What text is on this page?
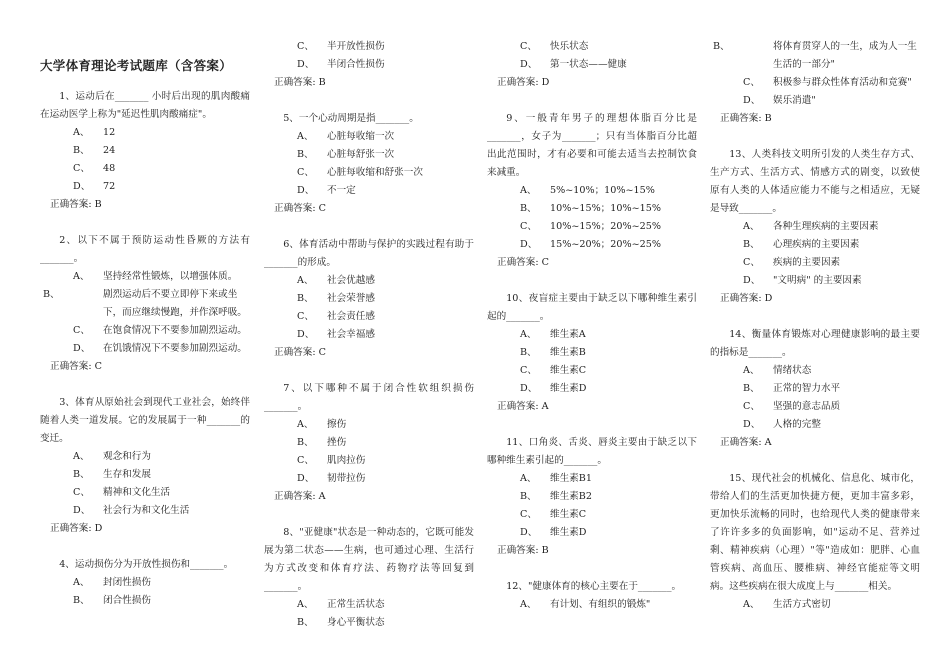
大学体育理论考试题库（含答案）
1、运动后在_______ 小时后出现的肌肉酸痛在运动医学上称为"延迟性肌肉酸痛症"。
A、 12
B、 24
C、 48
D、 72
正确答案: B
2、以下不属于预防运动性昏厥的方法有_______。
A、 坚持经常性锻炼，以增强体质。
B、	剧烈运动后不要立即停下来或坐下，而应继续慢跑，并作深呼吸。
C、 在饱食情况下不要参加剧烈运动。
D、 在饥饿情况下不要参加剧烈运动。
正确答案: C
3、体育从原始社会到现代工业社会，始终伴随着人类一道发展。它的发展属于一种_______的变迁。
A、 观念和行为
B、 生存和发展
C、 精神和文化生活
D、 社会行为和文化生活
正确答案: D
4、运动损伤分为开放性损伤和_______。
A、 封闭性损伤
B、 闭合性损伤
C、 半开放性损伤
D、 半闭合性损伤
正确答案: B
5、一个心动周期是指_______。
A、 心脏每收缩一次
B、 心脏每舒张一次
C、 心脏每收缩和舒张一次
D、 不一定
正确答案: C
6、体育活动中帮助与保护的实践过程有助于_______的形成。
A、 社会优越感
B、 社会荣誉感
C、 社会责任感
D、 社会幸福感
正确答案: C
7、以下哪种不属于闭合性软组织损伤_______。
A、 擦伤
B、 挫伤
C、 肌肉拉伤
D、 韧带拉伤
正确答案: A
8、"亚健康"状态是一种动态的，它既可能发展为第二状态——生病，也可通过心理、生活行为方式改变和体育疗法、药物疗法等回复到_______。
A、 正常生活状态
B、 身心平衡状态
C、 快乐状态
D、 第一状态——健康
正确答案: D
9、一般青年男子的理想体脂百分比是_______，女子为_______；只有当体脂百分比超出此范围时，才有必要和可能去适当去控制饮食来减重。
A、 5%~10%；10%~15%
B、 10%~15%；10%~15%
C、 10%~15%；20%~25%
D、 15%~20%；20%~25%
正确答案: C
10、夜盲症主要由于缺乏以下哪种维生素引起的_______。
A、 维生素A
B、 维生素B
C、 维生素C
D、 维生素D
正确答案: A
11、口角炎、舌炎、唇炎主要由于缺乏以下哪种维生素引起的_______。
A、 维生素B1
B、 维生素B2
C、 维生素C
D、 维生素D
正确答案: B
12、"健康体育的核心主要在于_______。
A、 有计划、有组织的锻炼"
B、	将体育贯穿人的一生，成为人一生生活的一部分"
C、 积极参与群众性体育活动和竞赛"
D、 娱乐消遣"
正确答案: B
13、人类科技文明所引发的人类生存方式、生产方式、生活方式、情感方式的剧变，以致使原有人类的人体适应能力不能与之相适应，无疑是导致_______。
A、 各种生理疾病的主要因素
B、 心理疾病的主要因素
C、 疾病的主要因素
D、 "文明病" 的主要因素
正确答案: D
14、衡量体育锻炼对心理健康影响的最主要的指标是_______。
A、 情绪状态
B、 正常的智力水平
C、 坚强的意志品质
D、 人格的完整
正确答案: A
15、现代社会的机械化、信息化、城市化，带给人们的生活更加快捷方便，更加丰富多彩，更加快乐流畅的同时，也给现代人类的健康带来了许许多多的负面影响，如"运动不足、营养过剩、精神疾病（心理）"等"造成如：肥胖、心血管疾病、高血压、腰椎病、神经官能症等文明病。这些疾病在很大成度上与_______相关。
A、 生活方式密切
